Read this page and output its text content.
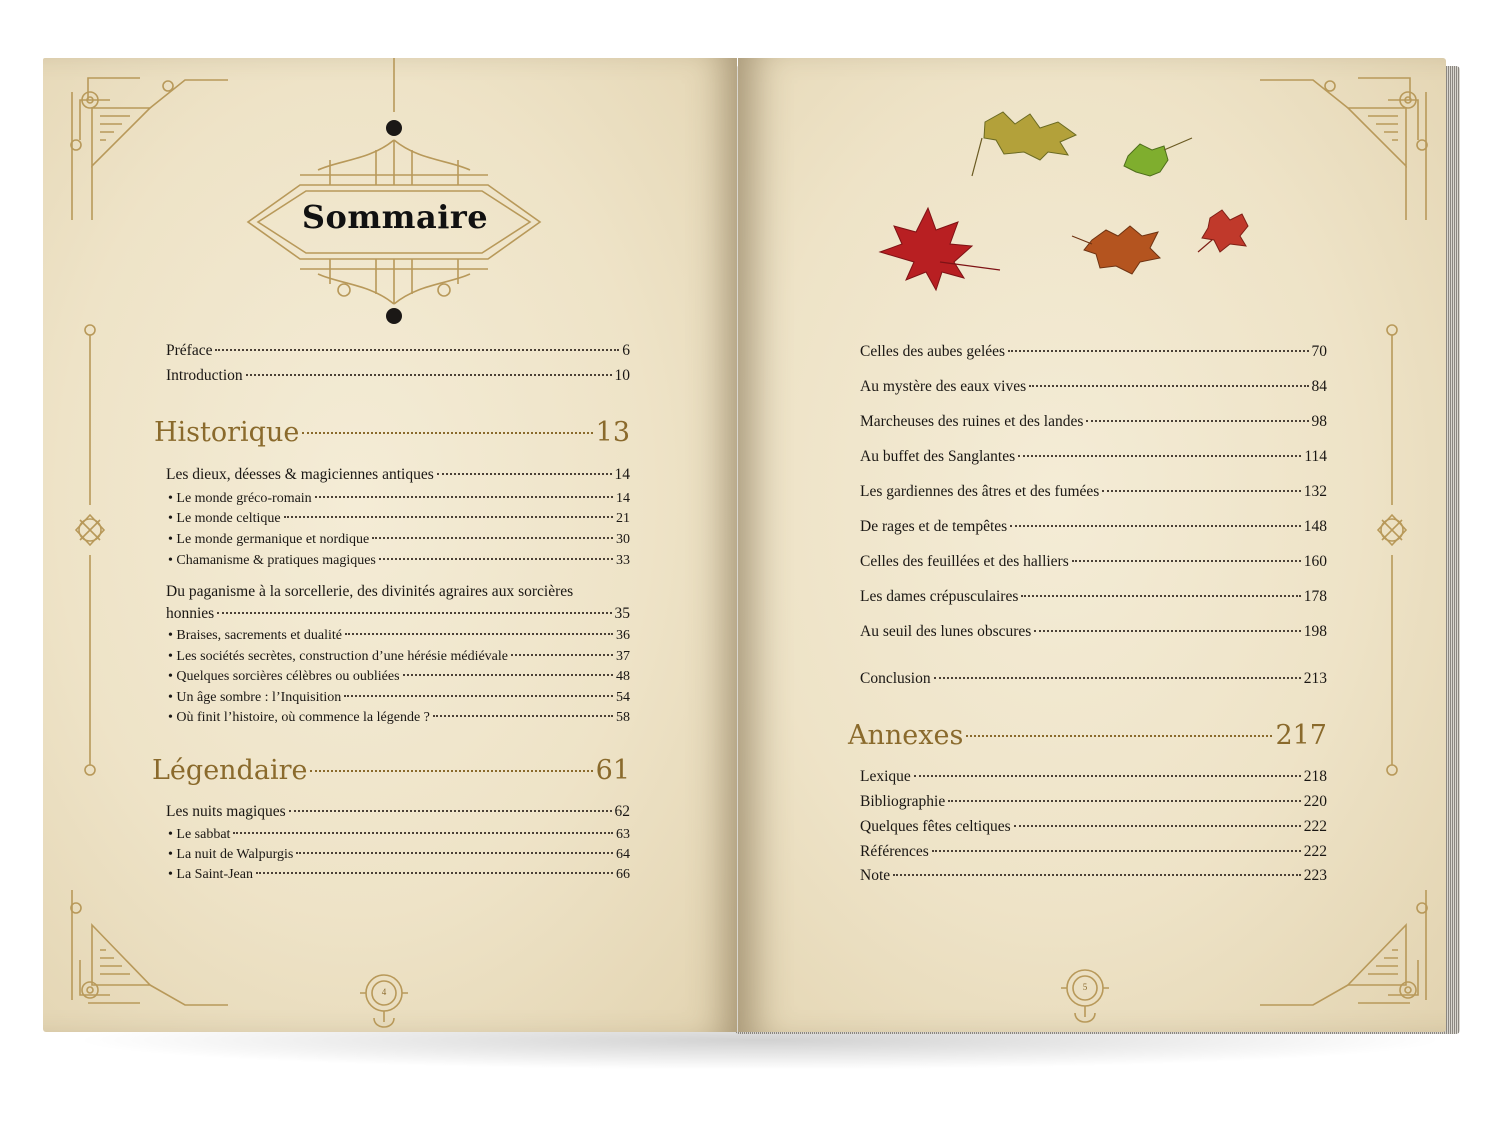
Sommaire
Préface	6
Introduction	10
Historique	13
Les dieux, déesses & magiciennes antiques	14
• Le monde gréco-romain	14
• Le monde celtique	21
• Le monde germanique et nordique	30
• Chamanisme & pratiques magiques	33
Du paganisme à la sorcellerie, des divinités agraires aux sorcières
honnies	35
• Braises, sacrements et dualité	36
• Les sociétés secrètes, construction d’une hérésie médiévale	37
• Quelques sorcières célèbres ou oubliées	48
• Un âge sombre : l’Inquisition	54
• Où finit l’histoire, où commence la légende ?	58
Légendaire	61
Les nuits magiques	62
• Le sabbat	63
• La nuit de Walpurgis	64
• La Saint-Jean	66
4
Celles des aubes gelées	70
Au mystère des eaux vives	84
Marcheuses des ruines et des landes	98
Au buffet des Sanglantes	114
Les gardiennes des âtres et des fumées	132
De rages et de tempêtes	148
Celles des feuillées et des halliers	160
Les dames crépusculaires	178
Au seuil des lunes obscures	198
Conclusion	213
Annexes	217
Lexique	218
Bibliographie	220
Quelques fêtes celtiques	222
Références	222
Note	223
5
